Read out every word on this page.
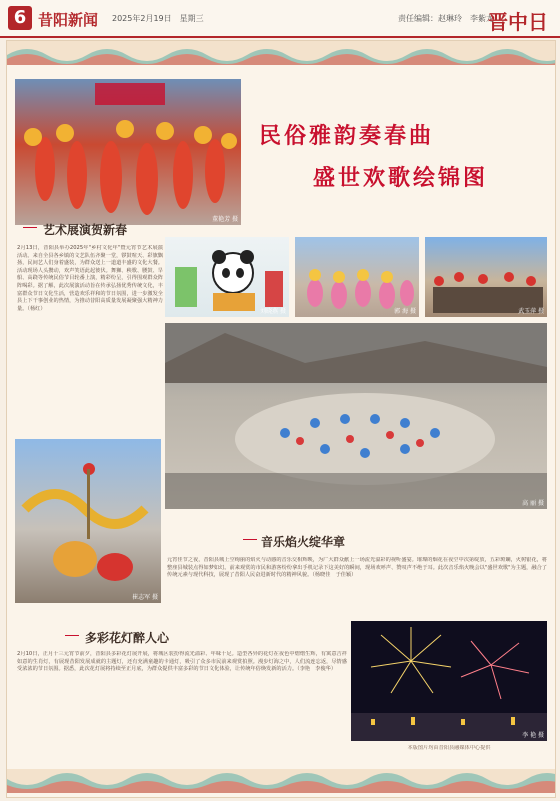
6 昔阳新闻 2025年2月19日　星期三	责任编辑：赵琳玲　李紫龙
晋中日
董艳芳 摄
民俗雅韵奏春曲
盛世欢歌绘锦图
艺术展演贺新春
2月13日，昔阳县举办2025年"乡村文化年"暨元宵节艺术展演活动。来自全县各乡镇的文艺队伍齐聚一堂，锣鼓喧天、彩旗飘扬，民间艺人们身着盛装，为群众送上一道道丰盛的文化大餐。活动现场人头攒动，欢声笑语此起彼伏。舞狮、秧歌、腰鼓、旱船、高跷等传统民俗节目轮番上演，精彩纷呈，引得围观群众阵阵喝彩。据了解，此次展演活动旨在传承弘扬优秀传统文化，丰富群众节日文化生活，营造欢乐祥和的节日氛围，进一步激发全县上下干事创业的热情，为推动昔阳高质量发展凝聚强大精神力量。（杨红）	刘晓燕 摄	郭 海 摄	武玉萍 摄
高 丽 摄
崔志军 摄
音乐焰火绽华章
元宵佳节之夜，昔阳县城上空绚丽的焰火与动感的音乐交相辉映，为广大群众献上一场流光溢彩的视听盛宴。璀璨的烟花在夜空中次第绽放，五彩斑斓，火树银花，将整座县城装点得如梦如幻。前来观赏的市民和游客纷纷拿出手机记录下这美好的瞬间，现场欢呼声、赞叹声不绝于耳。此次音乐焰火晚会以"盛世欢歌"为主题，融合了传统元素与现代科技，展现了昔阳人民奋进新时代的精神风貌。（杨晓佳　于佳颖）
多彩花灯醉人心
2月10日，正月十三元宵节前夕，昔阳县多彩花灯展开展，将城区装扮得流光溢彩、年味十足。造型各异的花灯在夜色中熠熠生辉，有寓意吉祥如意的生肖灯，有展现昔阳发展成就的主题灯，还有充满童趣的卡通灯，吸引了众多市民前来观赏拍照。漫步灯海之中，人们流连忘返，尽情感受浓浓的节日氛围。据悉，此次花灯展将持续至正月底，为群众提供丰富多彩的节日文化体验，让传统年俗焕发新的活力。（李艳　李俊华）
李 艳 摄
本版图片均由昔阳县融媒体中心提供
